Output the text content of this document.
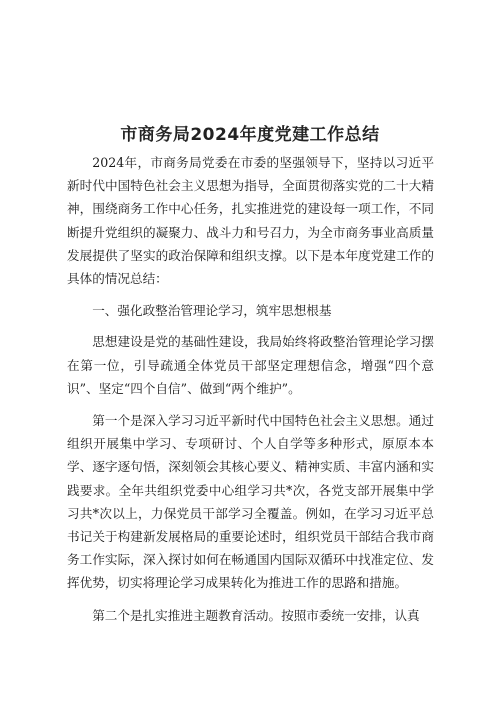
市商务局2024年度党建工作总结

2024年，市商务局党委在市委的坚强领导下，坚持以习近平新时代中国特色社会主义思想为指导，全面贯彻落实党的二十大精神，围绕商务工作中心任务，扎实推进党的建设每一项工作，不同断提升党组织的凝聚力、战斗力和号召力，为全市商务事业高质量发展提供了坚实的政治保障和组织支撑。以下是本年度党建工作的具体的情况总结：

一、强化政整治管理论学习，筑牢思想根基

思想建设是党的基础性建设，我局始终将政整治管理论学习摆在第一位，引导疏通全体党员干部坚定理想信念，增强“四个意识”、坚定“四个自信”、做到“两个维护”。

第一个是深入学习习近平新时代中国特色社会主义思想。通过组织开展集中学习、专项研讨、个人自学等多种形式，原原本本学、逐字逐句悟，深刻领会其核心要义、精神实质、丰富内涵和实践要求。全年共组织党委中心组学习共*次，各党支部开展集中学习共*次以上，力保党员干部学习全覆盖。例如，在学习习近平总书记关于构建新发展格局的重要论述时，组织党员干部结合我市商务工作实际，深入探讨如何在畅通国内国际双循环中找准定位、发挥优势，切实将理论学习成果转化为推进工作的思路和措施。

第二个是扎实推进主题教育活动。按照市委统一安排，认真
